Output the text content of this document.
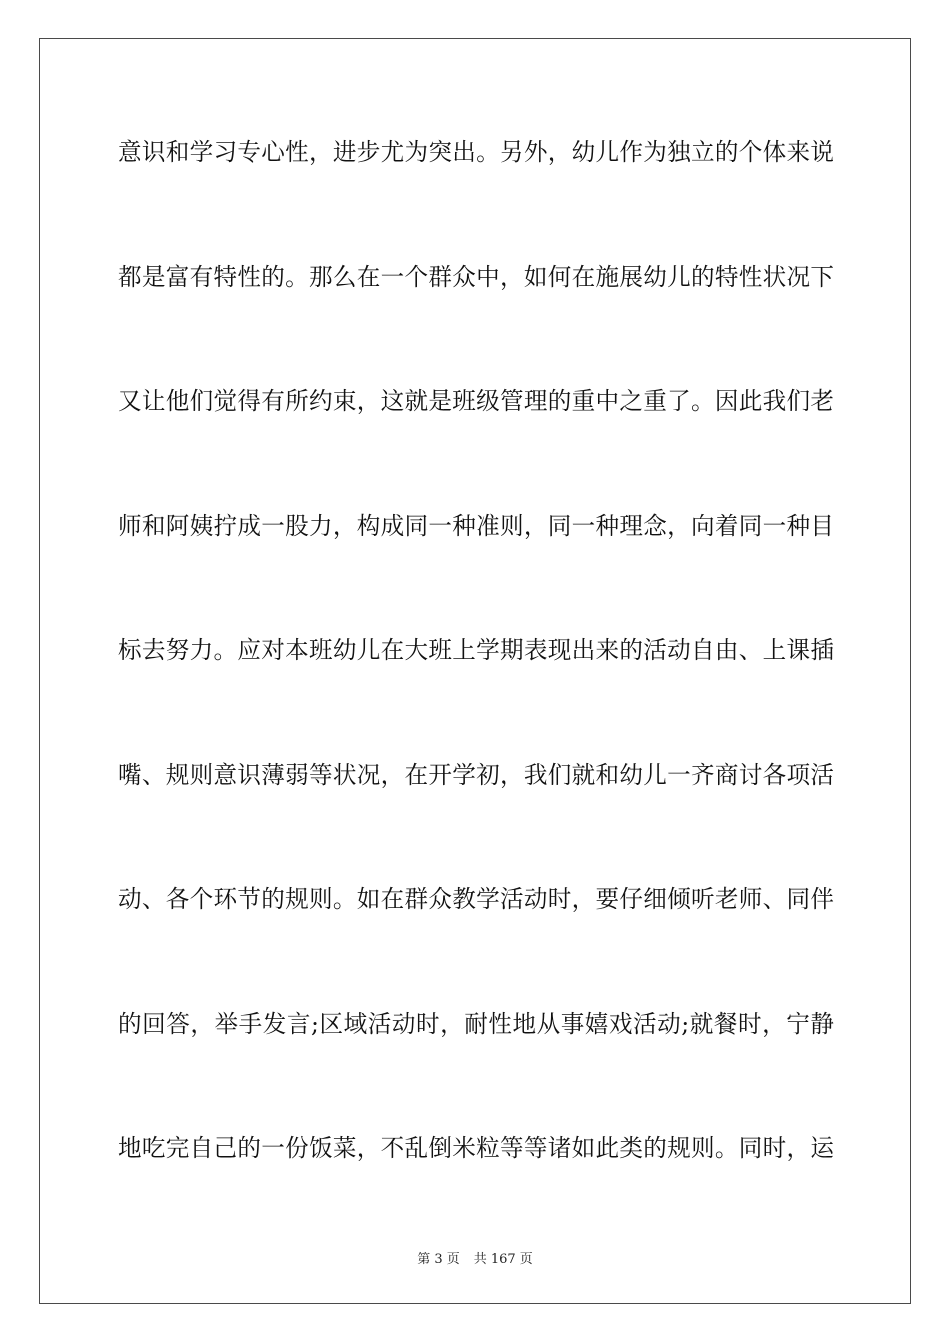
意识和学习专心性，进步尤为突出。另外，幼儿作为独立的个体来说
都是富有特性的。那么在一个群众中，如何在施展幼儿的特性状况下
又让他们觉得有所约束，这就是班级管理的重中之重了。因此我们老
师和阿姨拧成一股力，构成同一种准则，同一种理念，向着同一种目
标去努力。应对本班幼儿在大班上学期表现出来的活动自由、上课插
嘴、规则意识薄弱等状况，在开学初，我们就和幼儿一齐商讨各项活
动、各个环节的规则。如在群众教学活动时，要仔细倾听老师、同伴
的回答，举手发言;区域活动时，耐性地从事嬉戏活动;就餐时，宁静
地吃完自己的一份饭菜，不乱倒米粒等等诸如此类的规则。同时，运
第 3 页 共 167 页
